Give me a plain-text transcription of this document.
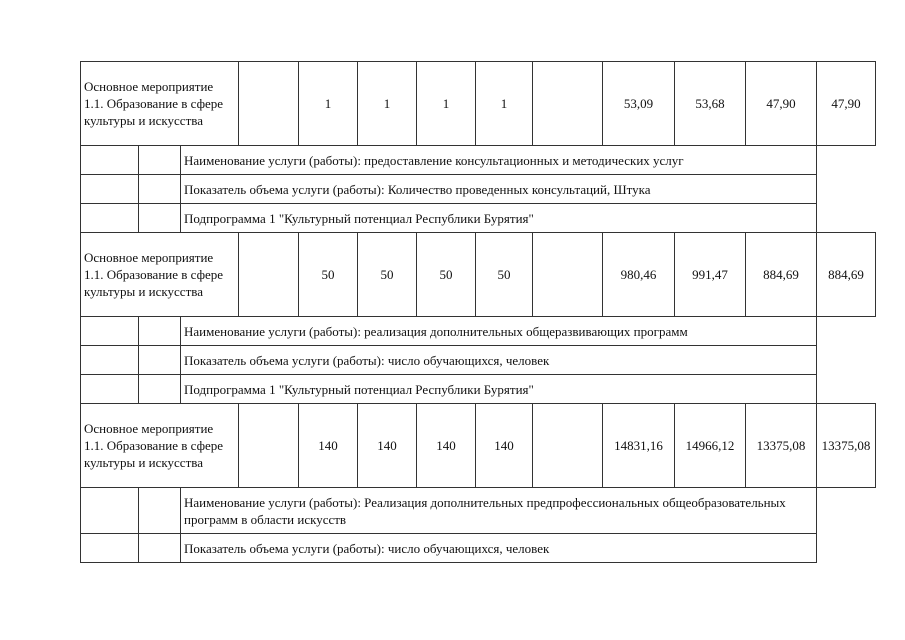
Основное мероприятие 1.1. Образование в сфере культуры и искусства				1	1	1	1		53,09	53,68	47,90	47,90
		Наименование услуги (работы): предоставление консультационных и методических услуг										
		Показатель объема услуги (работы): Количество проведенных консультаций, Штука										
		Подпрограмма 1 "Культурный потенциал Республики Бурятия"										
Основное мероприятие 1.1. Образование в сфере культуры и искусства				50	50	50	50		980,46	991,47	884,69	884,69
		Наименование услуги (работы): реализация дополнительных общеразвивающих программ										
		Показатель объема услуги (работы): число обучающихся, человек										
		Подпрограмма 1 "Культурный потенциал Республики Бурятия"										
Основное мероприятие 1.1. Образование в сфере культуры и искусства				140	140	140	140		14831,16	14966,12	13375,08	13375,08
		Наименование услуги (работы): Реализация дополнительных предпрофессиональных общеобразовательных программ в области искусств										
		Показатель объема услуги (работы): число обучающихся, человек										
